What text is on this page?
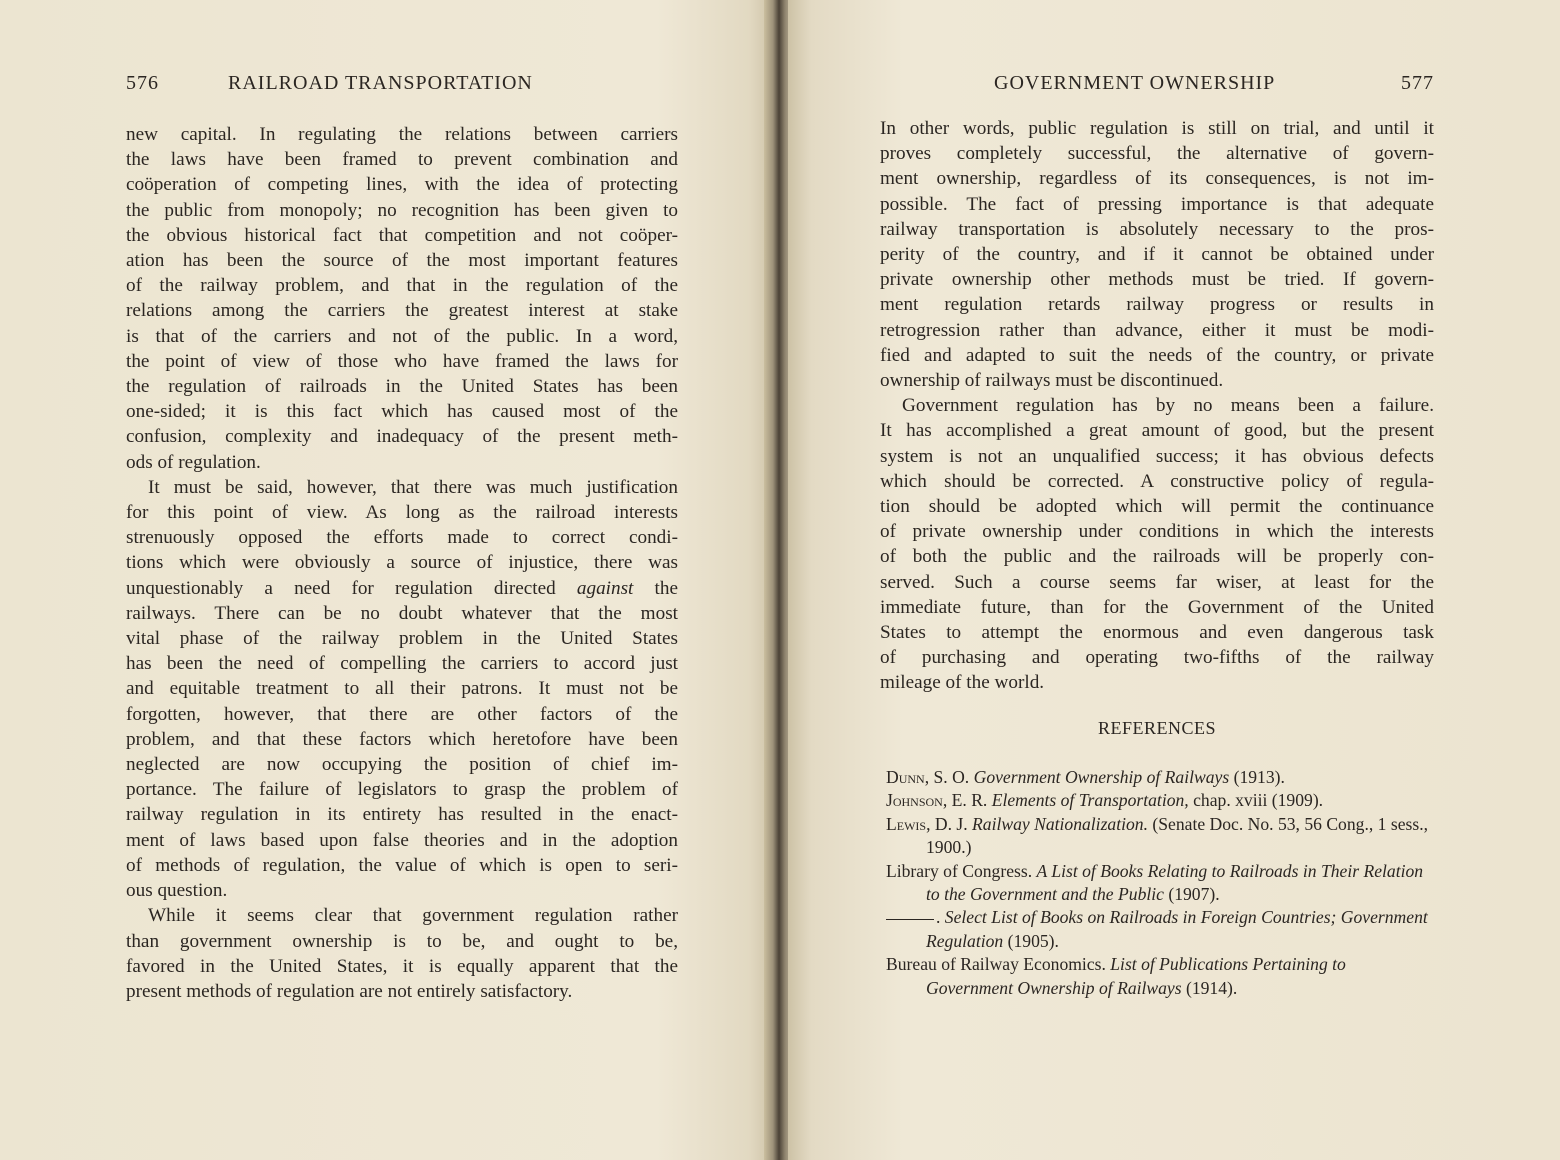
576	RAILROAD TRANSPORTATION
new capital. In regulating the relations between carriers
the laws have been framed to prevent combination and
coöperation of competing lines, with the idea of protecting
the public from monopoly; no recognition has been given to
the obvious historical fact that competition and not coöper-
ation has been the source of the most important features
of the railway problem, and that in the regulation of the
relations among the carriers the greatest interest at stake
is that of the carriers and not of the public. In a word,
the point of view of those who have framed the laws for
the regulation of railroads in the United States has been
one-sided; it is this fact which has caused most of the
confusion, complexity and inadequacy of the present meth-
ods of regulation.
It must be said, however, that there was much justification
for this point of view. As long as the railroad interests
strenuously opposed the efforts made to correct condi-
tions which were obviously a source of injustice, there was
unquestionably a need for regulation directed against the
railways. There can be no doubt whatever that the most
vital phase of the railway problem in the United States
has been the need of compelling the carriers to accord just
and equitable treatment to all their patrons. It must not be
forgotten, however, that there are other factors of the
problem, and that these factors which heretofore have been
neglected are now occupying the position of chief im-
portance. The failure of legislators to grasp the problem of
railway regulation in its entirety has resulted in the enact-
ment of laws based upon false theories and in the adoption
of methods of regulation, the value of which is open to seri-
ous question.
While it seems clear that government regulation rather
than government ownership is to be, and ought to be,
favored in the United States, it is equally apparent that the
present methods of regulation are not entirely satisfactory.
GOVERNMENT OWNERSHIP	577
In other words, public regulation is still on trial, and until it
proves completely successful, the alternative of govern-
ment ownership, regardless of its consequences, is not im-
possible. The fact of pressing importance is that adequate
railway transportation is absolutely necessary to the pros-
perity of the country, and if it cannot be obtained under
private ownership other methods must be tried. If govern-
ment regulation retards railway progress or results in
retrogression rather than advance, either it must be modi-
fied and adapted to suit the needs of the country, or private
ownership of railways must be discontinued.
Government regulation has by no means been a failure.
It has accomplished a great amount of good, but the present
system is not an unqualified success; it has obvious defects
which should be corrected. A constructive policy of regula-
tion should be adopted which will permit the continuance
of private ownership under conditions in which the interests
of both the public and the railroads will be properly con-
served. Such a course seems far wiser, at least for the
immediate future, than for the Government of the United
States to attempt the enormous and even dangerous task
of purchasing and operating two-fifths of the railway
mileage of the world.
REFERENCES

Dunn, S. O. Government Ownership of Railways (1913).

Johnson, E. R. Elements of Transportation, chap. xviii (1909).

Lewis, D. J. Railway Nationalization. (Senate Doc. No. 53, 56 Cong., 1 sess., 1900.)

Library of Congress. A List of Books Relating to Railroads in Their Relation to the Government and the Public (1907).

. Select List of Books on Railroads in Foreign Countries; Government Regulation (1905).

Bureau of Railway Economics. List of Publications Pertaining to Government Ownership of Railways (1914).
